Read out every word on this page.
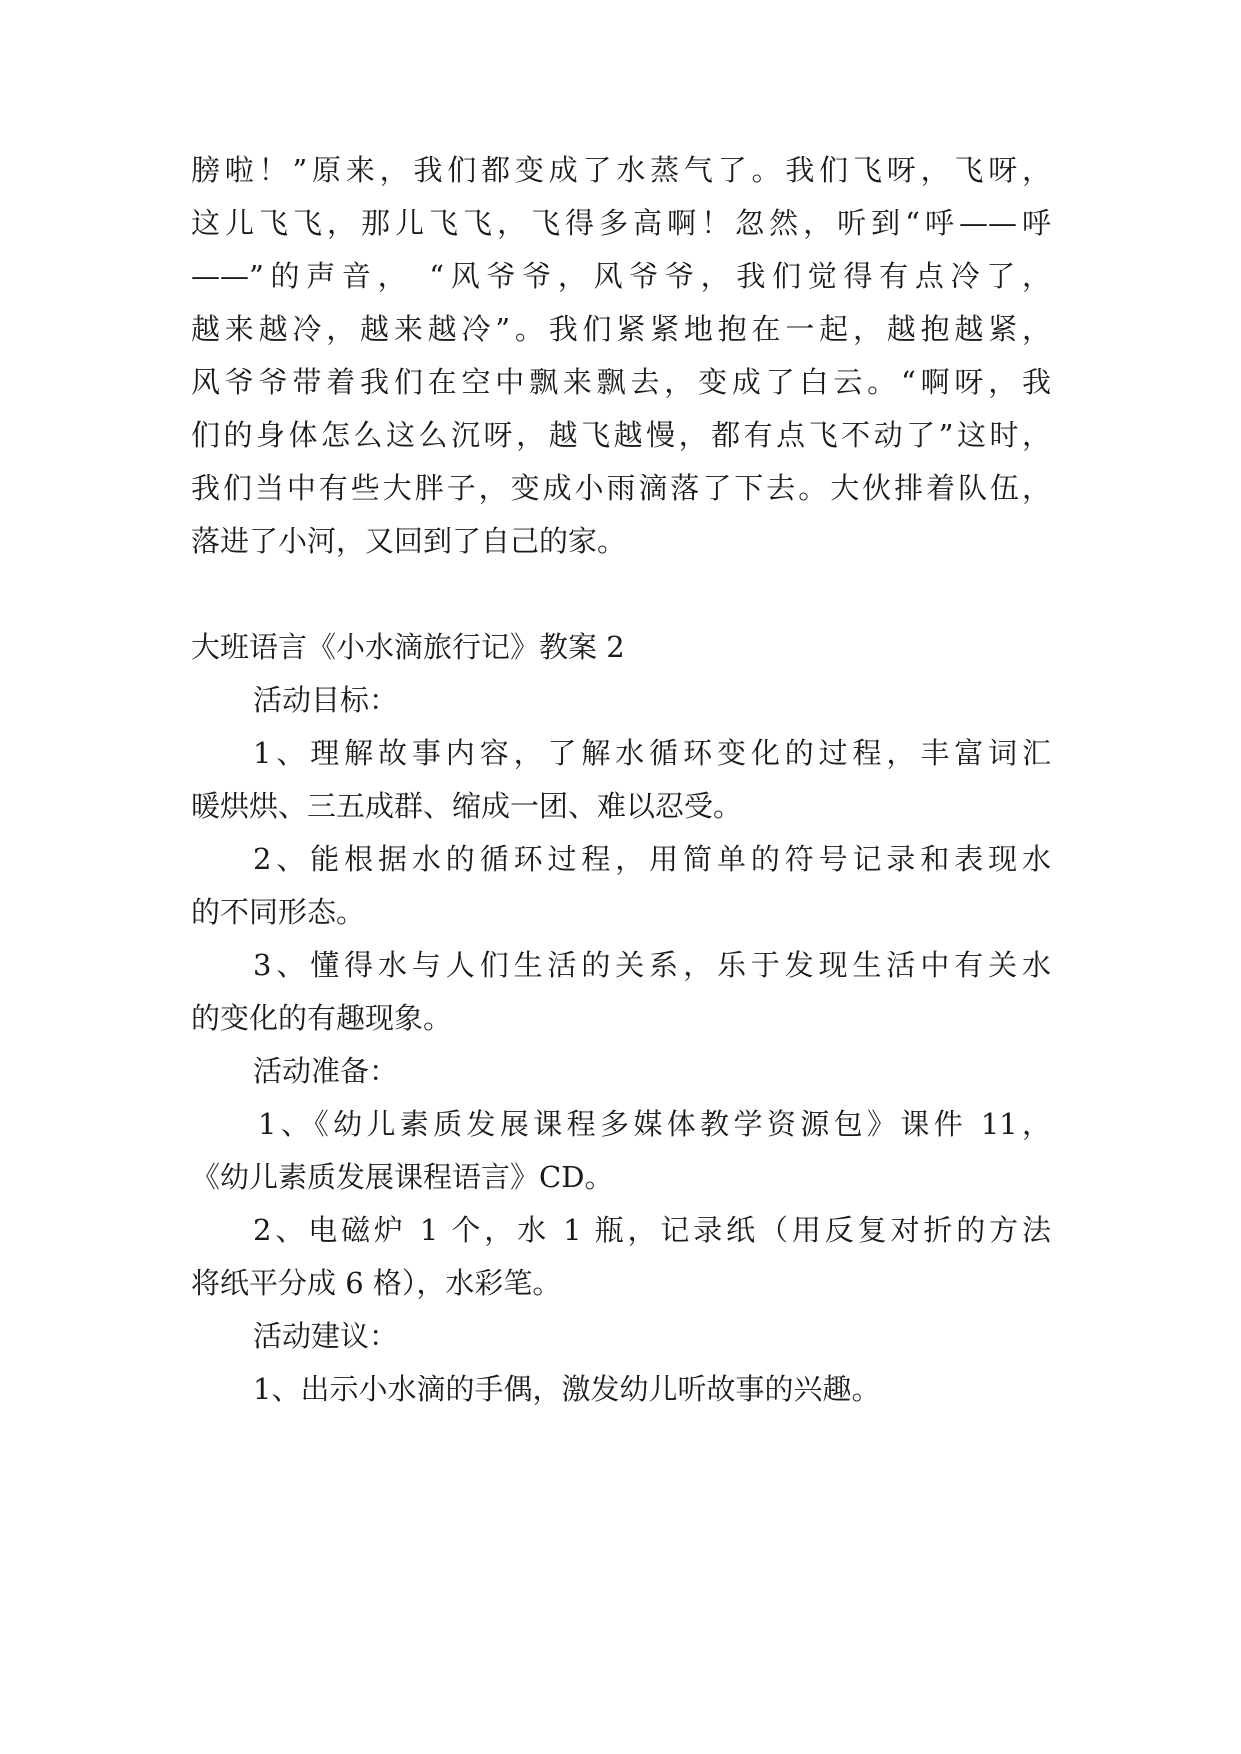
膀啦！”原来，我们都变成了水蒸气了。我们飞呀，飞呀，
这儿飞飞，那儿飞飞，飞得多高啊！忽然，听到“呼——呼
——”的声音， “风爷爷，风爷爷，我们觉得有点冷了，
越来越冷，越来越冷”。我们紧紧地抱在一起，越抱越紧，
风爷爷带着我们在空中飘来飘去，变成了白云。“啊呀，我
们的身体怎么这么沉呀，越飞越慢，都有点飞不动了”这时，
我们当中有些大胖子，变成小雨滴落了下去。大伙排着队伍，
落进了小河，又回到了自己的家。
大班语言《小水滴旅行记》教案 2
活动目标：
1、理解故事内容，了解水循环变化的过程，丰富词汇
暖烘烘、三五成群、缩成一团、难以忍受。
2、能根据水的循环过程，用简单的符号记录和表现水
的不同形态。
3、懂得水与人们生活的关系，乐于发现生活中有关水
的变化的有趣现象。
活动准备：
1、《幼儿素质发展课程多媒体教学资源包》课件 11，
《幼儿素质发展课程语言》CD。
2、电磁炉 1 个，水 1 瓶，记录纸（用反复对折的方法
将纸平分成 6 格），水彩笔。
活动建议：
1、出示小水滴的手偶，激发幼儿听故事的兴趣。
